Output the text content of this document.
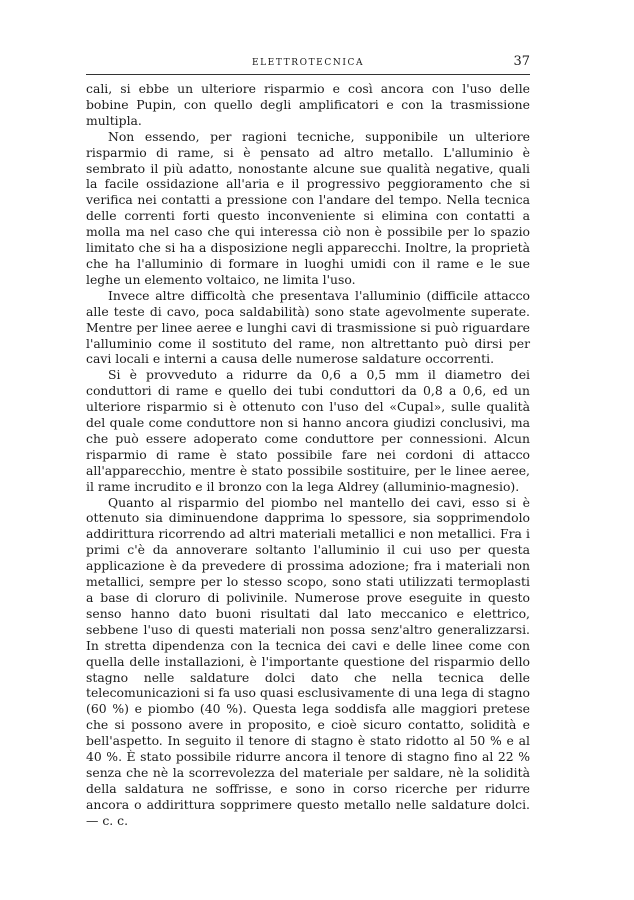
ELETTROTECNICA	37

cali, si ebbe un ulteriore risparmio e così ancora con l'uso delle bobine Pupin, con quello degli amplificatori e con la trasmissione multipla.

Non essendo, per ragioni tecniche, supponibile un ulteriore risparmio di rame, si è pensato ad altro metallo. L'alluminio è sembrato il più adatto, nonostante alcune sue qualità negative, quali la facile ossidazione all'aria e il progressivo peggioramento che si verifica nei contatti a pressione con l'andare del tempo. Nella tecnica delle correnti forti questo inconveniente si elimina con contatti a molla ma nel caso che qui interessa ciò non è possibile per lo spazio limitato che si ha a disposizione negli apparecchi. Inoltre, la proprietà che ha l'alluminio di formare in luoghi umidi con il rame e le sue leghe un elemento voltaico, ne limita l'uso.

Invece altre difficoltà che presentava l'alluminio (difficile attacco alle teste di cavo, poca saldabilità) sono state agevolmente superate. Mentre per linee aeree e lunghi cavi di trasmissione si può riguardare l'alluminio come il sostituto del rame, non altrettanto può dirsi per cavi locali e interni a causa delle numerose saldature occorrenti.

Si è provveduto a ridurre da 0,6 a 0,5 mm il diametro dei conduttori di rame e quello dei tubi conduttori da 0,8 a 0,6, ed un ulteriore risparmio si è ottenuto con l'uso del «Cupal», sulle qualità del quale come conduttore non si hanno ancora giudizi conclusivi, ma che può essere adoperato come conduttore per connessioni. Alcun risparmio di rame è stato possibile fare nei cordoni di attacco all'apparecchio, mentre è stato possibile sostituire, per le linee aeree, il rame incrudito e il bronzo con la lega Aldrey (alluminio-magnesio).

Quanto al risparmio del piombo nel mantello dei cavi, esso si è ottenuto sia diminuendone dapprima lo spessore, sia sopprimendolo addirittura ricorrendo ad altri materiali metallici e non metallici. Fra i primi c'è da annoverare soltanto l'alluminio il cui uso per questa applicazione è da prevedere di prossima adozione; fra i materiali non metallici, sempre per lo stesso scopo, sono stati utilizzati termoplasti a base di cloruro di polivinile. Numerose prove eseguite in questo senso hanno dato buoni risultati dal lato meccanico e elettrico, sebbene l'uso di questi materiali non possa senz'altro generalizzarsi. In stretta dipendenza con la tecnica dei cavi e delle linee come con quella delle installazioni, è l'importante questione del risparmio dello stagno nelle saldature dolci dato che nella tecnica delle telecomunicazioni si fa uso quasi esclusivamente di una lega di stagno (60 %) e piombo (40 %). Questa lega soddisfa alle maggiori pretese che si possono avere in proposito, e cioè sicuro contatto, solidità e bell'aspetto. In seguito il tenore di stagno è stato ridotto al 50 % e al 40 %. È stato possibile ridurre ancora il tenore di stagno fino al 22 % senza che nè la scorrevolezza del materiale per saldare, nè la solidità della saldatura ne soffrisse, e sono in corso ricerche per ridurre ancora o addirittura sopprimere questo metallo nelle saldature dolci. — c. c.
